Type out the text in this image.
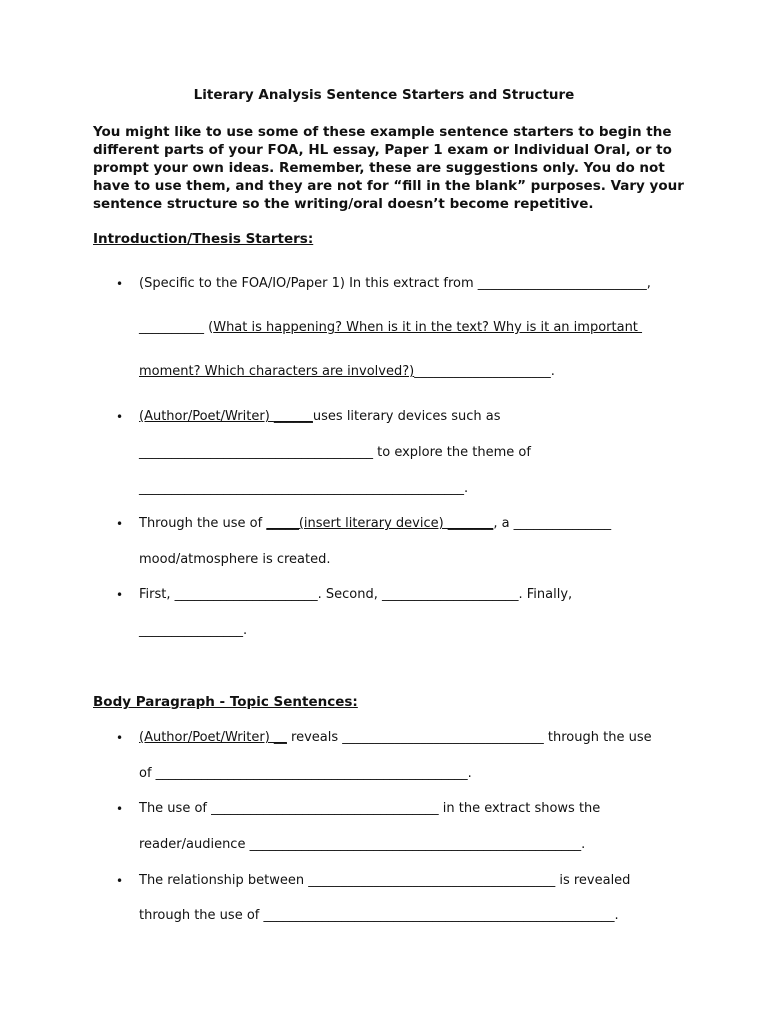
Literary Analysis Sentence Starters and Structure
You might like to use some of these example sentence starters to begin the different parts of your FOA, HL essay, Paper 1 exam or Individual Oral, or to prompt your own ideas. Remember, these are suggestions only. You do not have to use them, and they are not for “fill in the blank” purposes. Vary your sentence structure so the writing/oral doesn’t become repetitive.
Introduction/Thesis Starters:
• (Specific to the FOA/IO/Paper 1) In this extract from __________________________,
__________ (What is happening? When is it in the text? Why is it an important
moment? Which characters are involved?)_____________________.
• (Author/Poet/Writer) ______uses literary devices such as
____________________________________ to explore the theme of
__________________________________________________.
• Through the use of _____(insert literary device) _______, a _______________
mood/atmosphere is created.
• First, ______________________. Second, _____________________. Finally,
________________.
Body Paragraph - Topic Sentences:
• (Author/Poet/Writer) __ reveals _______________________________ through the use
of ________________________________________________.
• The use of ___________________________________ in the extract shows the
reader/audience ___________________________________________________.
• The relationship between ______________________________________ is revealed
through the use of ______________________________________________________.
